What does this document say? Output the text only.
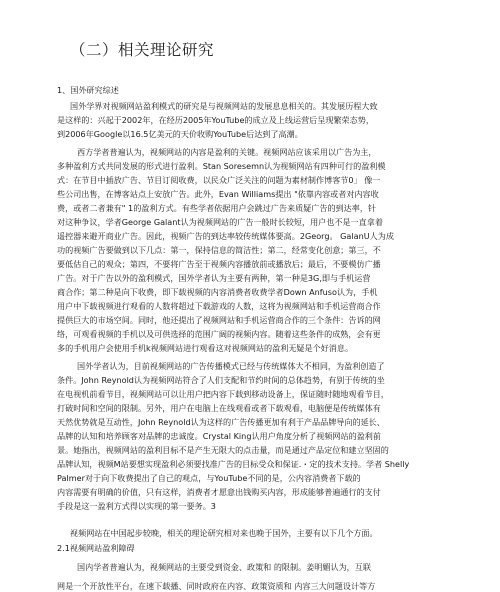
（二）相关理论研究
1、国外研究综述
国外学界对视频网站盈利模式的研究是与视频网站的发展息息相关的。其发展历程大致
是这样的：兴起于2002年，在经历2005年YouTube的成立及上线运营后呈现繁荣态势，
到2006年Google以16.5亿美元的天价收购YouTube后达到了高潮。
西方学者普遍认为，视频网站的内容是盈利的关键。视频网站应该采用以广告为主，
多种盈利方式共同发展的形式进行盈利。Stan Soresemn认为视频网站有四种可行的盈利模
式：在节目中插放广告、节目订阅收费，以民众广泛关注的问题为素材制作博客节0」 像一
些公司出售，在博客站点上安放广告。此外，Evan Williams提出 "依靠内容或者对内容收
费，或者二者兼有" 1的盈利方式。有些学者依据用户会跳过广告来质疑广告的到达率，针
对这种争议，学者George Galant认为视频网站的广告一般时长较短，用户也不是一直拿着
遥控器来避开商业广告。因此，视频广告的到达率较传统媒体要高。2Georg。 GalanU人为成
功的视频广告要做到以下几点：第一，保持信息的简洁性；第二，经常变化创意；第三，不
要低估自己的观众；第四，不要将广告至于视频内容播放前或播放后；最后，不要模仿广播
广告。对于广告以外的盈利模式，国外学者认为主要有两种，第一种是3G,即与手机运营
商合作；第二种是向下收费，即下载视频的内容消费者收费学者Down Anfuso认为，手机
用户中下载视频进行观看的人数将超过下载游戏的人数，这将为视频网站和手机运营商合作
提供巨大的市场空间。同时，他还提出了视频网站和手机运营商合作的三个条件：告诉的网
络，可观看视频的手机以及可供选择的范围广阔的视频内容。随着这些条件的成熟，会有更
多的手机用户会使用手机k视频网站进行观看这对视频网站的盈利无疑是个好消息。
国外学者认为，目前视频网站的广告传播模式已经与传统媒体大不相同，为盈利创造了
条件。John Reynold认为视频网站符合了人们支配和节约时间的总体趋势，有别于传统的坐
在电视机前看节目，视频网站可以让用户把内容下载到移动设备上，保证随时随地观看节目，
打破时间和空间的限制。另外，用户在电脑上在线观看或者下载观看，电脑便是传统媒体有
天然优势就是互动性，John Reynold认为这样的广告传播更加有利于产品品牌导向的延长、
品牌的认知和培养顾客对品牌的忠诚度。Crystal King认用户角度分析了视频网站的盈利前
景。她指出，视频网站的盈利目标不是产生无限大的点击量，而是通过产品定位和建立坚固的
品牌认知，视频M站要想实现盈利必须要找准广告的目标受众和保证.・定的技术支持。学者 Shelly
Palmer对于向下收费提出了自己的观点，与YouTube不同的是，公内容消费者下载的
内容需要有明确的价值，只有这样，消费者才愿意出钱购买内容，形成能够普遍通行的支付
手段是这一盈利方式得以实现的第一要务。3
视频网站在中国起步较晚，相关的理论研究相对来也晚于国外，主要有以下几个方面。
2.1视频网站盈利障碍
国内学者普遍认为，视频网站的主要受到资金、政策和 的限制。姜明媚认为，互联
网是一个开放性平台，在速下载播、同时政府在内容、政策资质和 内容三大问题设计等方
